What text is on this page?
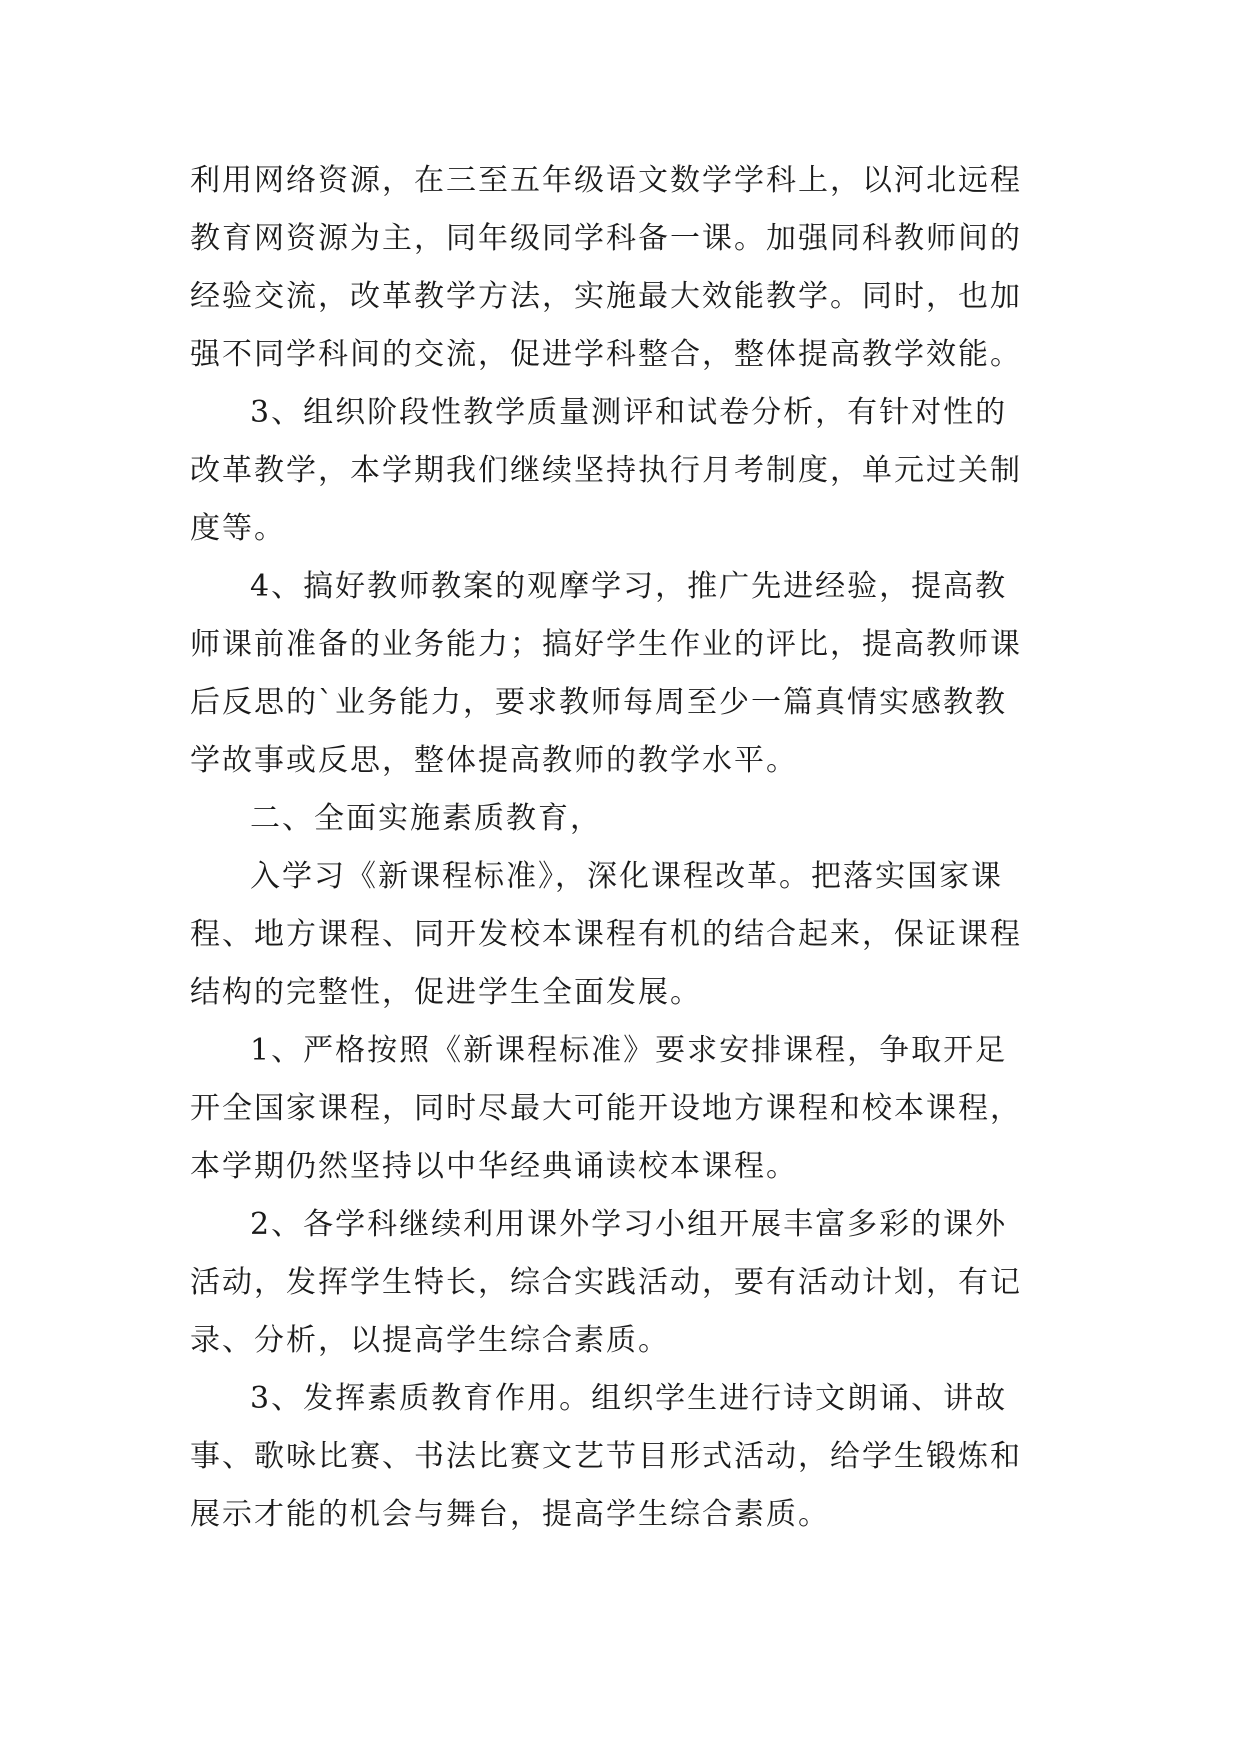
利用网络资源，在三至五年级语文数学学科上，以河北远程
教育网资源为主，同年级同学科备一课。加强同科教师间的
经验交流，改革教学方法，实施最大效能教学。同时，也加
强不同学科间的交流，促进学科整合，整体提高教学效能。
3、组织阶段性教学质量测评和试卷分析，有针对性的
改革教学，本学期我们继续坚持执行月考制度，单元过关制
度等。
4、搞好教师教案的观摩学习，推广先进经验，提高教
师课前准备的业务能力；搞好学生作业的评比，提高教师课
后反思的`业务能力，要求教师每周至少一篇真情实感教教
学故事或反思，整体提高教师的教学水平。
二、全面实施素质教育，
入学习《新课程标准》，深化课程改革。把落实国家课
程、地方课程、同开发校本课程有机的结合起来，保证课程
结构的完整性，促进学生全面发展。
1、严格按照《新课程标准》要求安排课程，争取开足
开全国家课程，同时尽最大可能开设地方课程和校本课程，
本学期仍然坚持以中华经典诵读校本课程。
2、各学科继续利用课外学习小组开展丰富多彩的课外
活动，发挥学生特长，综合实践活动，要有活动计划，有记
录、分析，以提高学生综合素质。
3、发挥素质教育作用。组织学生进行诗文朗诵、讲故
事、歌咏比赛、书法比赛文艺节目形式活动，给学生锻炼和
展示才能的机会与舞台，提高学生综合素质。
